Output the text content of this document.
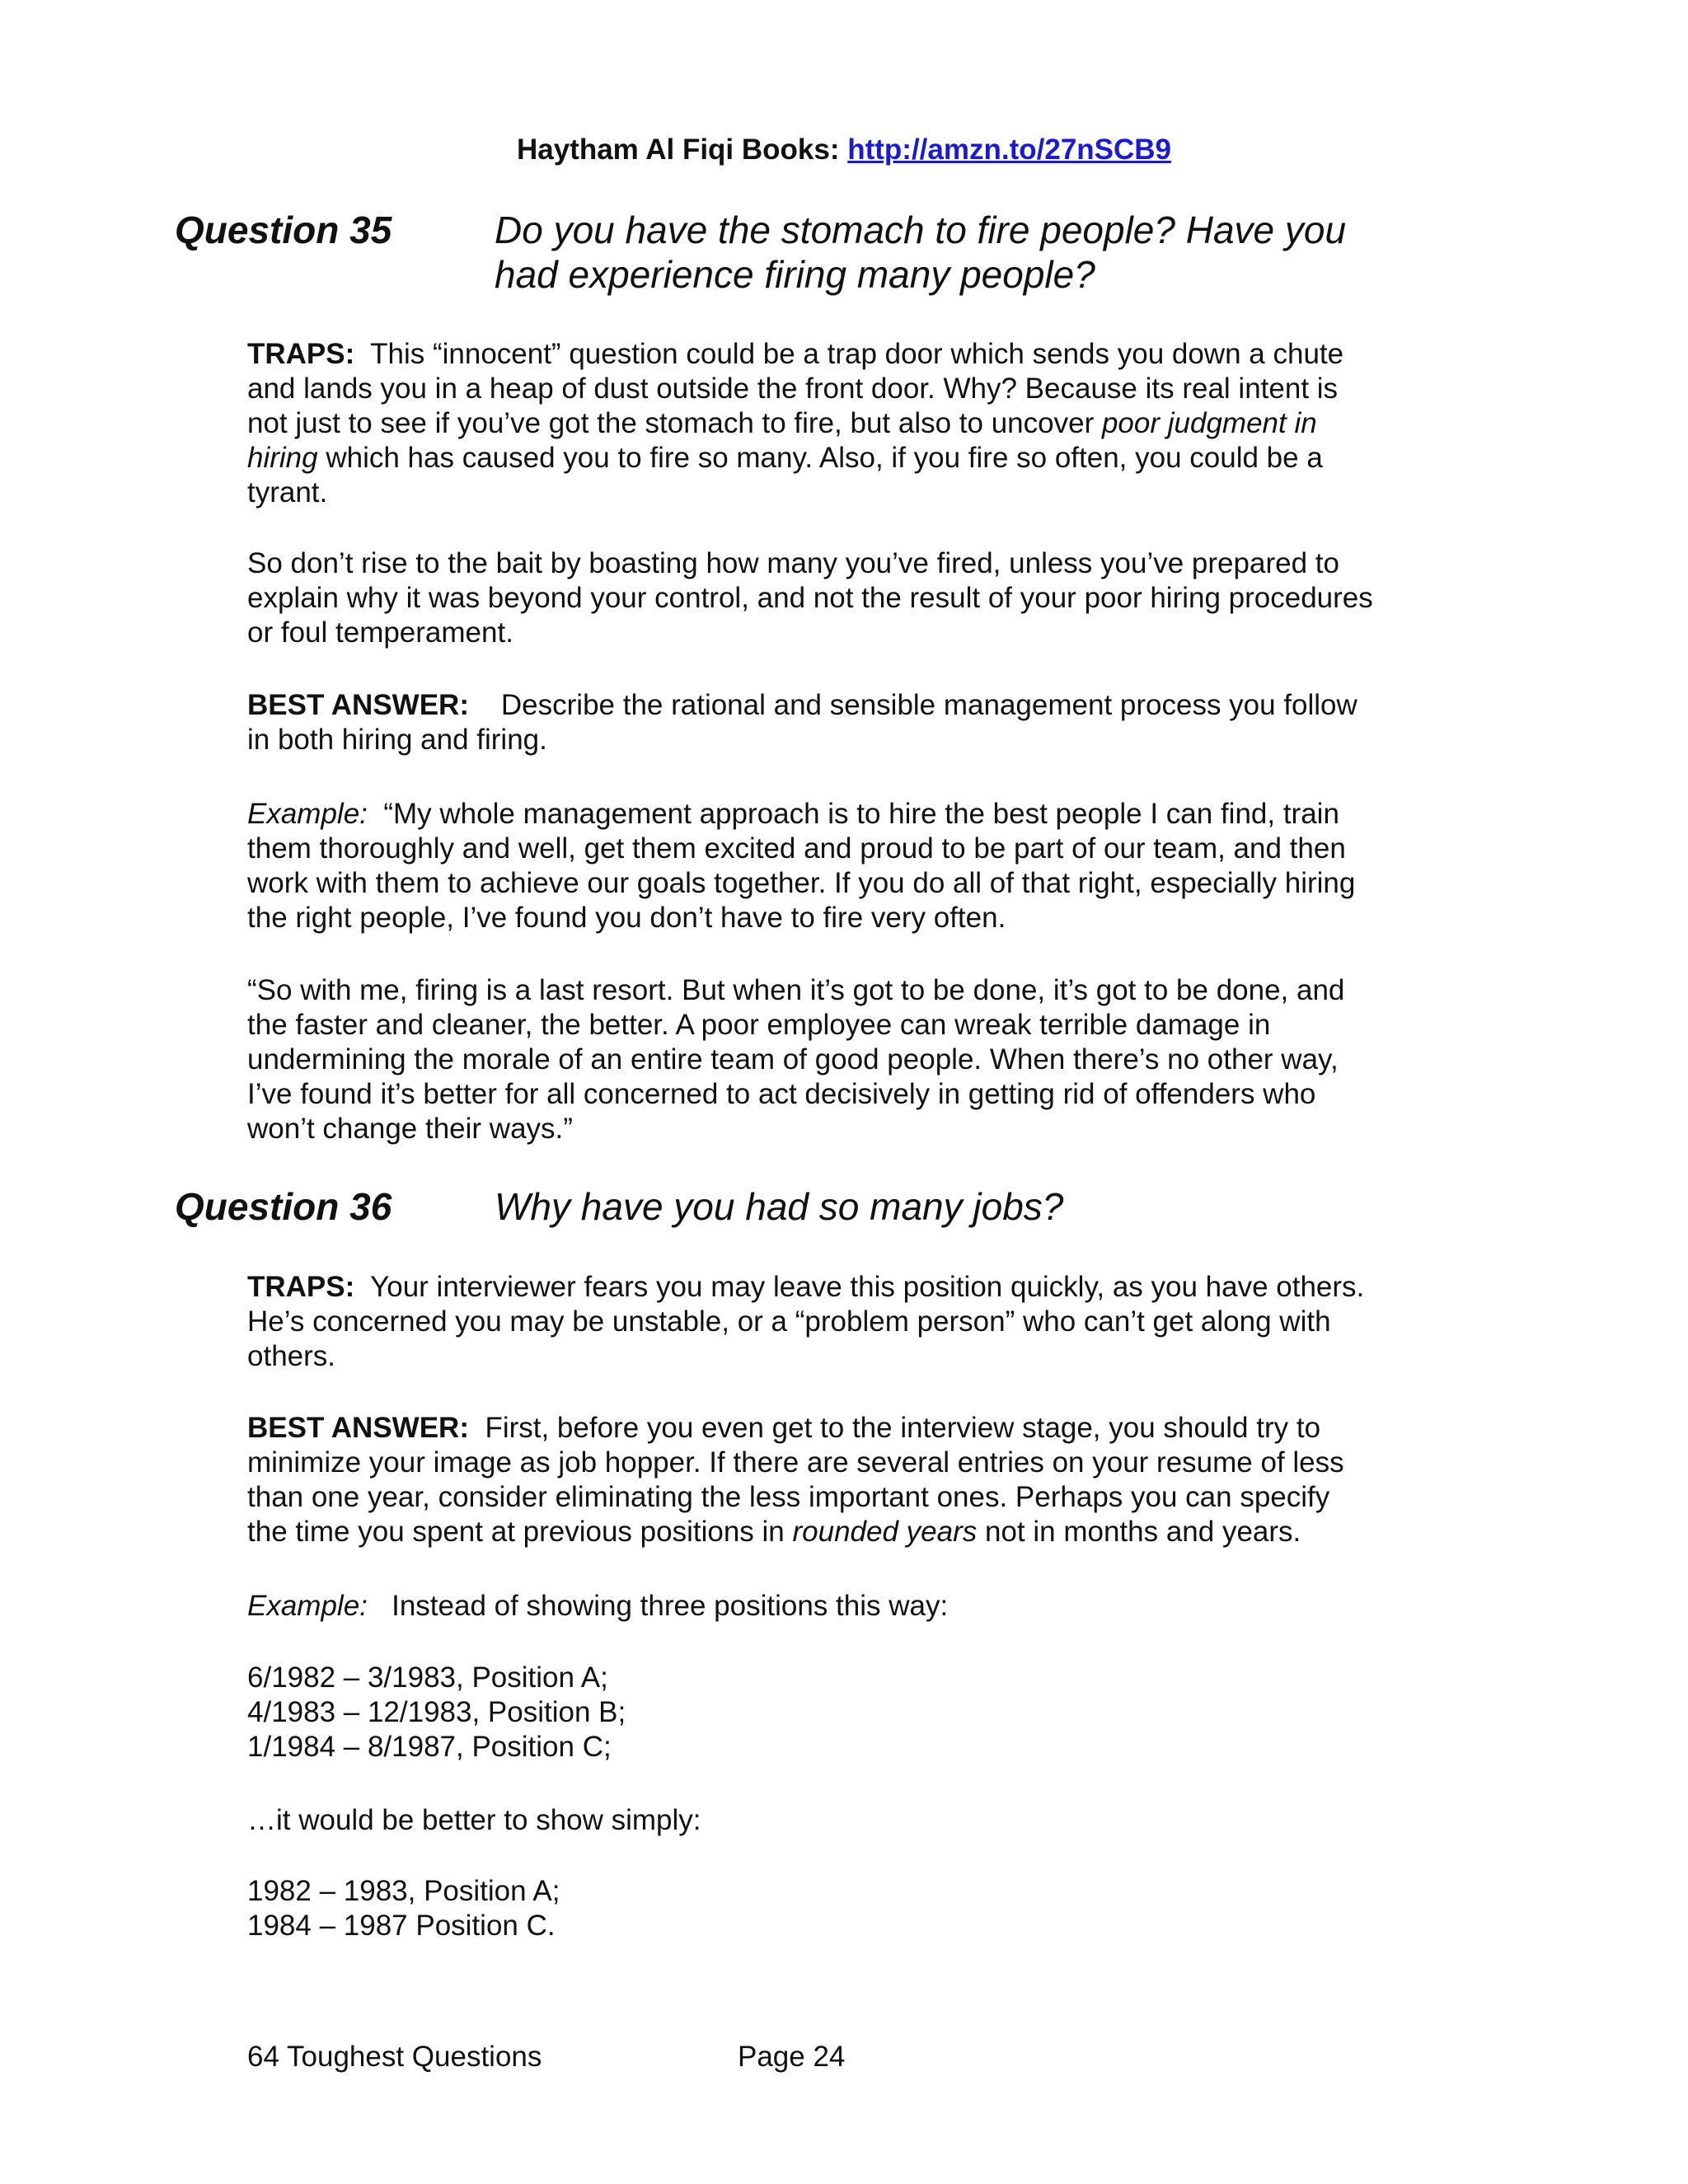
Haytham Al Fiqi Books: http://amzn.to/27nSCB9
Question 35	Do you have the stomach to fire people? Have you
had experience firing many people?
TRAPS: This “innocent” question could be a trap door which sends you down a chute
and lands you in a heap of dust outside the front door. Why? Because its real intent is
not just to see if you’ve got the stomach to fire, but also to uncover poor judgment in
hiring which has caused you to fire so many. Also, if you fire so often, you could be a
tyrant.
So don’t rise to the bait by boasting how many you’ve fired, unless you’ve prepared to
explain why it was beyond your control, and not the result of your poor hiring procedures
or foul temperament.
BEST ANSWER: Describe the rational and sensible management process you follow
in both hiring and firing.
Example: “My whole management approach is to hire the best people I can find, train
them thoroughly and well, get them excited and proud to be part of our team, and then
work with them to achieve our goals together. If you do all of that right, especially hiring
the right people, I’ve found you don’t have to fire very often.
“So with me, firing is a last resort. But when it’s got to be done, it’s got to be done, and
the faster and cleaner, the better. A poor employee can wreak terrible damage in
undermining the morale of an entire team of good people. When there’s no other way,
I’ve found it’s better for all concerned to act decisively in getting rid of offenders who
won’t change their ways.”
Question 36	Why have you had so many jobs?
TRAPS: Your interviewer fears you may leave this position quickly, as you have others.
He’s concerned you may be unstable, or a “problem person” who can’t get along with
others.
BEST ANSWER: First, before you even get to the interview stage, you should try to
minimize your image as job hopper. If there are several entries on your resume of less
than one year, consider eliminating the less important ones. Perhaps you can specify
the time you spent at previous positions in rounded years not in months and years.
Example: Instead of showing three positions this way:
6/1982 – 3/1983, Position A;
4/1983 – 12/1983, Position B;
1/1984 – 8/1987, Position C;
…it would be better to show simply:
1982 – 1983, Position A;
1984 – 1987 Position C.
64 Toughest Questions	Page 24
